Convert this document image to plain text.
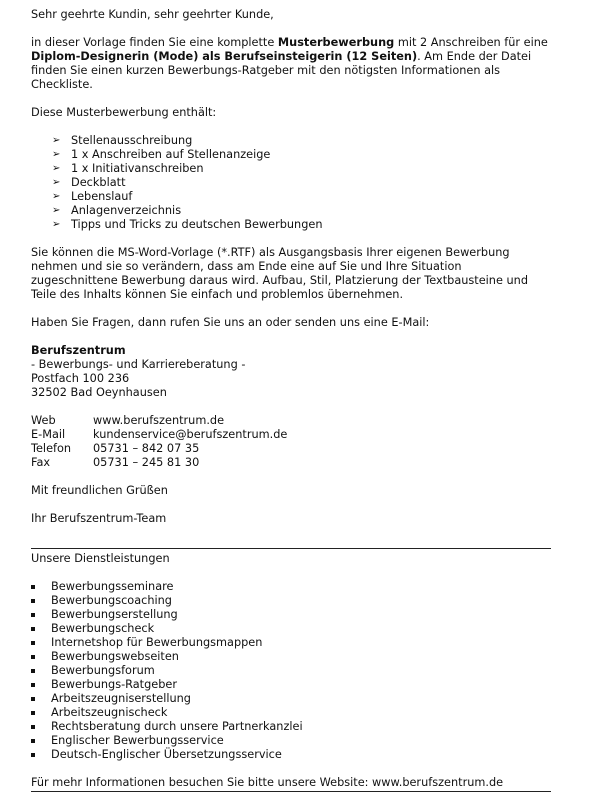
Sehr geehrte Kundin, sehr geehrter Kunde,

in dieser Vorlage finden Sie eine komplette Musterbewerbung mit 2 Anschreiben für eine Diplom-Designerin (Mode) als Berufseinsteigerin (12 Seiten). Am Ende der Datei finden Sie einen kurzen Bewerbungs-Ratgeber mit den nötigsten Informationen als Checkliste.

Diese Musterbewerbung enthält:

➢ Stellenausschreibung
➢ 1 x Anschreiben auf Stellenanzeige
➢ 1 x Initiativanschreiben
➢ Deckblatt
➢ Lebenslauf
➢ Anlagenverzeichnis
➢ Tipps und Tricks zu deutschen Bewerbungen

Sie können die MS-Word-Vorlage (*.RTF) als Ausgangsbasis Ihrer eigenen Bewerbung nehmen und sie so verändern, dass am Ende eine auf Sie und Ihre Situation zugeschnittene Bewerbung daraus wird. Aufbau, Stil, Platzierung der Textbausteine und Teile des Inhalts können Sie einfach und problemlos übernehmen.

Haben Sie Fragen, dann rufen Sie uns an oder senden uns eine E-Mail:

Berufszentrum

- Bewerbungs- und Karriereberatung -

Postfach 100 236

32502 Bad Oeynhausen

Web	www.berufszentrum.de
E-Mail	kundenservice@berufszentrum.de
Telefon	05731 – 842 07 35
Fax	05731 – 245 81 30

Mit freundlichen Grüßen

Ihr Berufszentrum-Team

Unsere Dienstleistungen

Bewerbungsseminare
Bewerbungscoaching
Bewerbungserstellung
Bewerbungscheck
Internetshop für Bewerbungsmappen
Bewerbungswebseiten
Bewerbungsforum
Bewerbungs-Ratgeber
Arbeitszeugniserstellung
Arbeitszeugnischeck
Rechtsberatung durch unsere Partnerkanzlei
Englischer Bewerbungsservice
Deutsch-Englischer Übersetzungsservice

Für mehr Informationen besuchen Sie bitte unsere Website: www.berufszentrum.de
